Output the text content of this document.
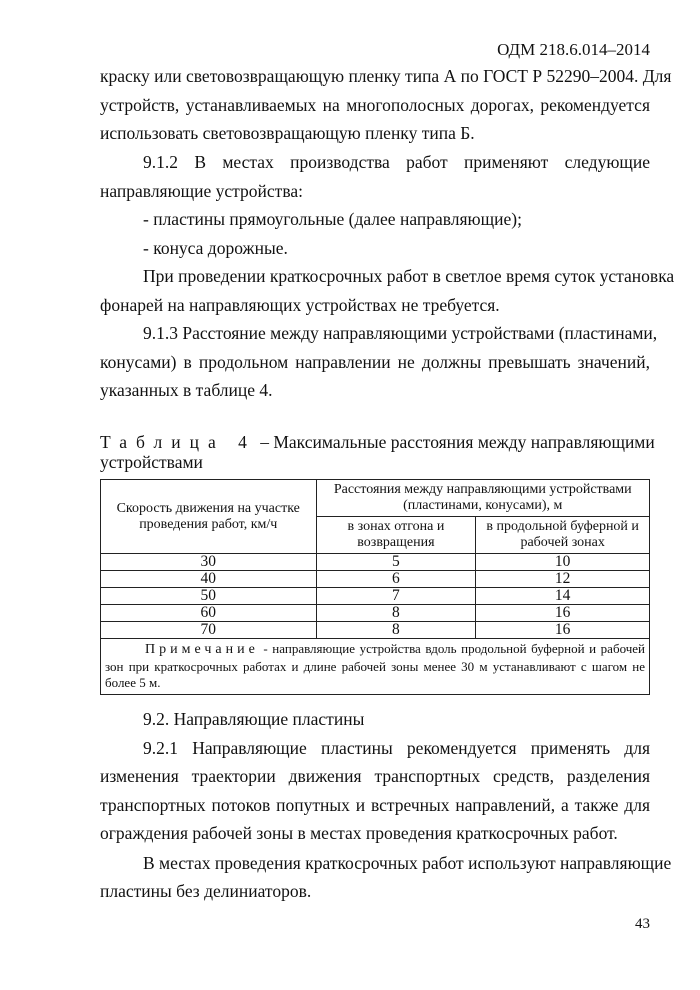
ОДМ 218.6.014–2014
краску или световозвращающую пленку типа А по ГОСТ Р 52290–2004. Для
устройств, устанавливаемых на многополосных дорогах, рекомендуется
использовать световозвращающую пленку типа Б.
9.1.2 В местах производства работ применяют следующие
направляющие устройства:
- пластины прямоугольные (далее направляющие);
- конуса дорожные.
При проведении краткосрочных работ в светлое время суток установка
фонарей на направляющих устройствах не требуется.
9.1.3 Расстояние между направляющими устройствами (пластинами,
конусами) в продольном направлении не должны превышать значений,
указанных в таблице 4.
Таблица 4 – Максимальные расстояния между направляющими
устройствами
Скорость движения на участке проведения работ, км/ч	Расстояния между направляющими устройствами (пластинами, конусами), м	
	в зонах отгона и возвращения	в продольной буферной и рабочей зонах
30	5	10
40	6	12
50	7	14
60	8	16
70	8	16
Примечание - направляющие устройства вдоль продольной буферной и рабочей зон при краткосрочных работах и длине рабочей зоны менее 30 м устанавливают с шагом не более 5 м.		
9.2. Направляющие пластины
9.2.1 Направляющие пластины рекомендуется применять для
изменения траектории движения транспортных средств, разделения
транспортных потоков попутных и встречных направлений, а также для
ограждения рабочей зоны в местах проведения краткосрочных работ.
В местах проведения краткосрочных работ используют направляющие
пластины без делиниаторов.
43
